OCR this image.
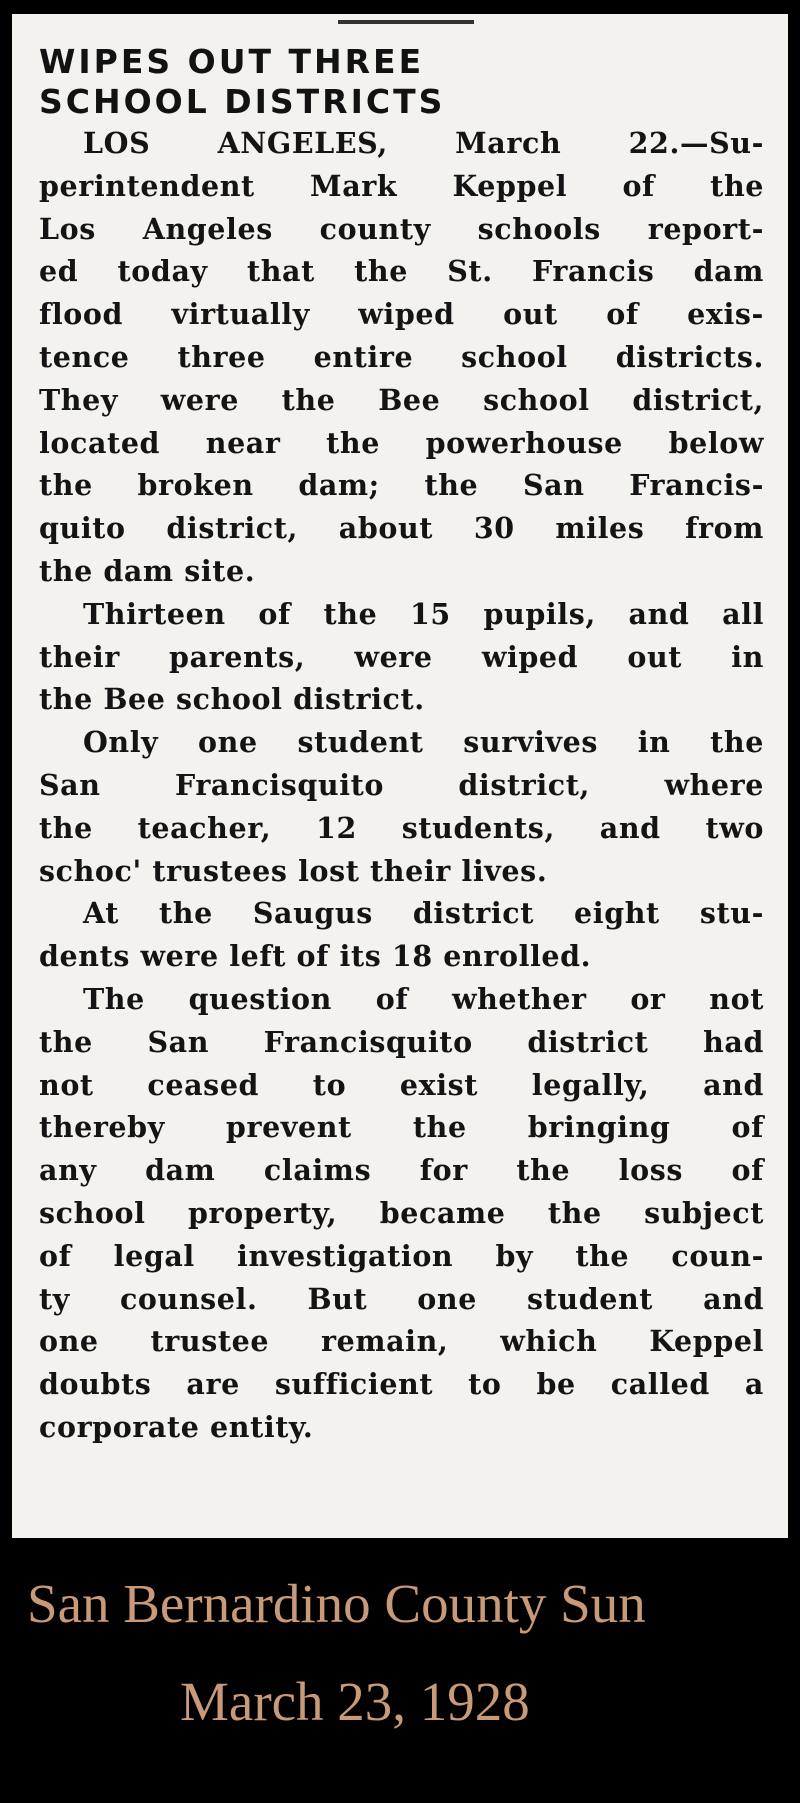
WIPES OUT THREE
SCHOOL DISTRICTS
LOS ANGELES, March 22.—Su-
perintendent Mark Keppel of the
Los Angeles county schools report-
ed today that the St. Francis dam
flood virtually wiped out of exis-
tence three entire school districts.
They were the Bee school district,
located near the powerhouse below
the broken dam; the San Francis-
quito district, about 30 miles from
the dam site.
Thirteen of the 15 pupils, and all
their parents, were wiped out in
the Bee school district.
Only one student survives in the
San Francisquito district, where
the teacher, 12 students, and two
schoc' trustees lost their lives.
At the Saugus district eight stu-
dents were left of its 18 enrolled.
The question of whether or not
the San Francisquito district had
not ceased to exist legally, and
thereby prevent the bringing of
any dam claims for the loss of
school property, became the subject
of legal investigation by the coun-
ty counsel. But one student and
one trustee remain, which Keppel
doubts are sufficient to be called a
corporate entity.
San Bernardino County Sun
March 23, 1928
